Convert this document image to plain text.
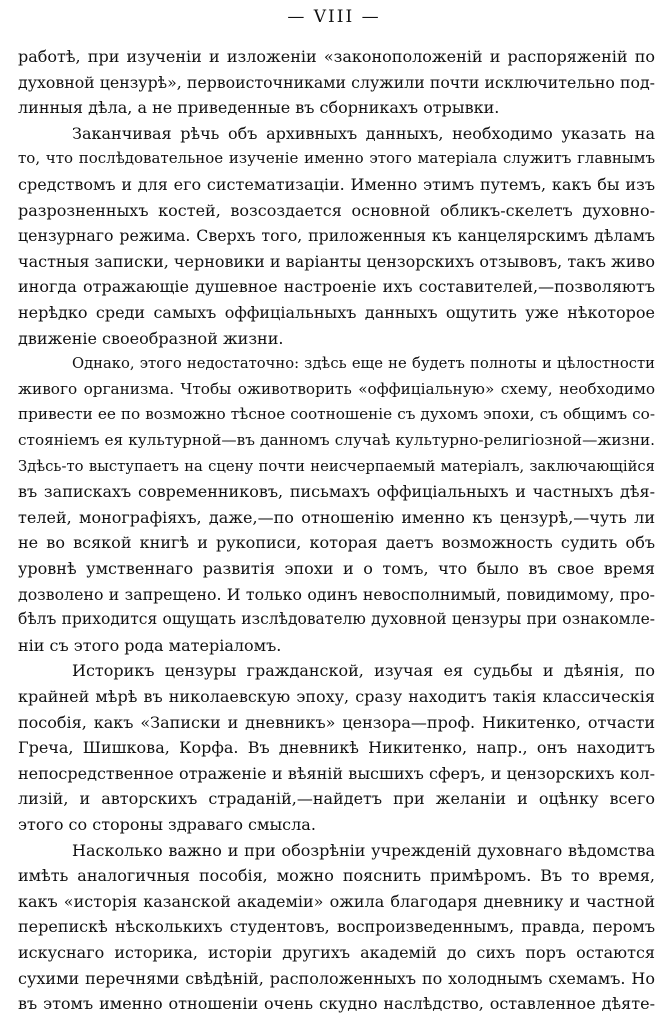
— VIII —
работѣ, при изученіи и изложеніи «законоположеній и распоряженій по
духовной цензурѣ», первоисточниками служили почти исключительно под-
линныя дѣла, а не приведенные въ сборникахъ отрывки.
Заканчивая рѣчь объ архивныхъ данныхъ, необходимо указать на
то, что послѣдовательное изученіе именно этого матеріала служитъ главнымъ
средствомъ и для его систематизаціи. Именно этимъ путемъ, какъ бы изъ
разрозненныхъ костей, возсоздается основной обликъ-скелетъ духовно-
цензурнаго режима. Сверхъ того, приложенныя къ канцелярскимъ дѣламъ
частныя записки, черновики и варіанты цензорскихъ отзывовъ, такъ живо
иногда отражающіе душевное настроеніе ихъ составителей,—позволяютъ
нерѣдко среди самыхъ оффиціальныхъ данныхъ ощутить уже нѣкоторое
движеніе своеобразной жизни.
Однако, этого недостаточно: здѣсь еще не будетъ полноты и цѣлостности
живого организма. Чтобы оживотворить «оффиціальную» схему, необходимо
привести ее по возможно тѣсное соотношеніе съ духомъ эпохи, съ общимъ со-
стояніемъ ея культурной—въ данномъ случаѣ культурно-религіозной—жизни.
Здѣсь-то выступаетъ на сцену почти неисчерпаемый матеріалъ, заключающійся
въ запискахъ современниковъ, письмахъ оффиціальныхъ и частныхъ дѣя-
телей, монографіяхъ, даже,—по отношенію именно къ цензурѣ,—чуть ли
не во всякой книгѣ и рукописи, которая даетъ возможность судить объ
уровнѣ умственнаго развитія эпохи и о томъ, что было въ свое время
дозволено и запрещено. И только одинъ невосполнимый, повидимому, про-
бѣлъ приходится ощущать изслѣдователю духовной цензуры при ознакомле-
ніи съ этого рода матеріаломъ.
Историкъ цензуры гражданской, изучая ея судьбы и дѣянія, по
крайней мѣрѣ въ николаевскую эпоху, сразу находитъ такія классическія
пособія, какъ «Записки и дневникъ» цензора—проф. Никитенко, отчасти
Греча, Шишкова, Корфа. Въ дневникѣ Никитенко, напр., онъ находитъ
непосредственное отраженіе и вѣяній высшихъ сферъ, и цензорскихъ кол-
лизій, и авторскихъ страданій,—найдетъ при желаніи и оцѣнку всего
этого со стороны здраваго смысла.
Насколько важно и при обозрѣніи учрежденій духовнаго вѣдомства
имѣть аналогичныя пособія, можно пояснить примѣромъ. Въ то время,
какъ «исторія казанской академіи» ожила благодаря дневнику и частной
перепискѣ нѣсколькихъ студентовъ, воспроизведеннымъ, правда, перомъ
искуснаго историка, исторіи другихъ академій до сихъ поръ остаются
сухими перечнями свѣдѣній, расположенныхъ по холоднымъ схемамъ. Но
въ этомъ именно отношеніи очень скудно наслѣдство, оставленное дѣяте-
